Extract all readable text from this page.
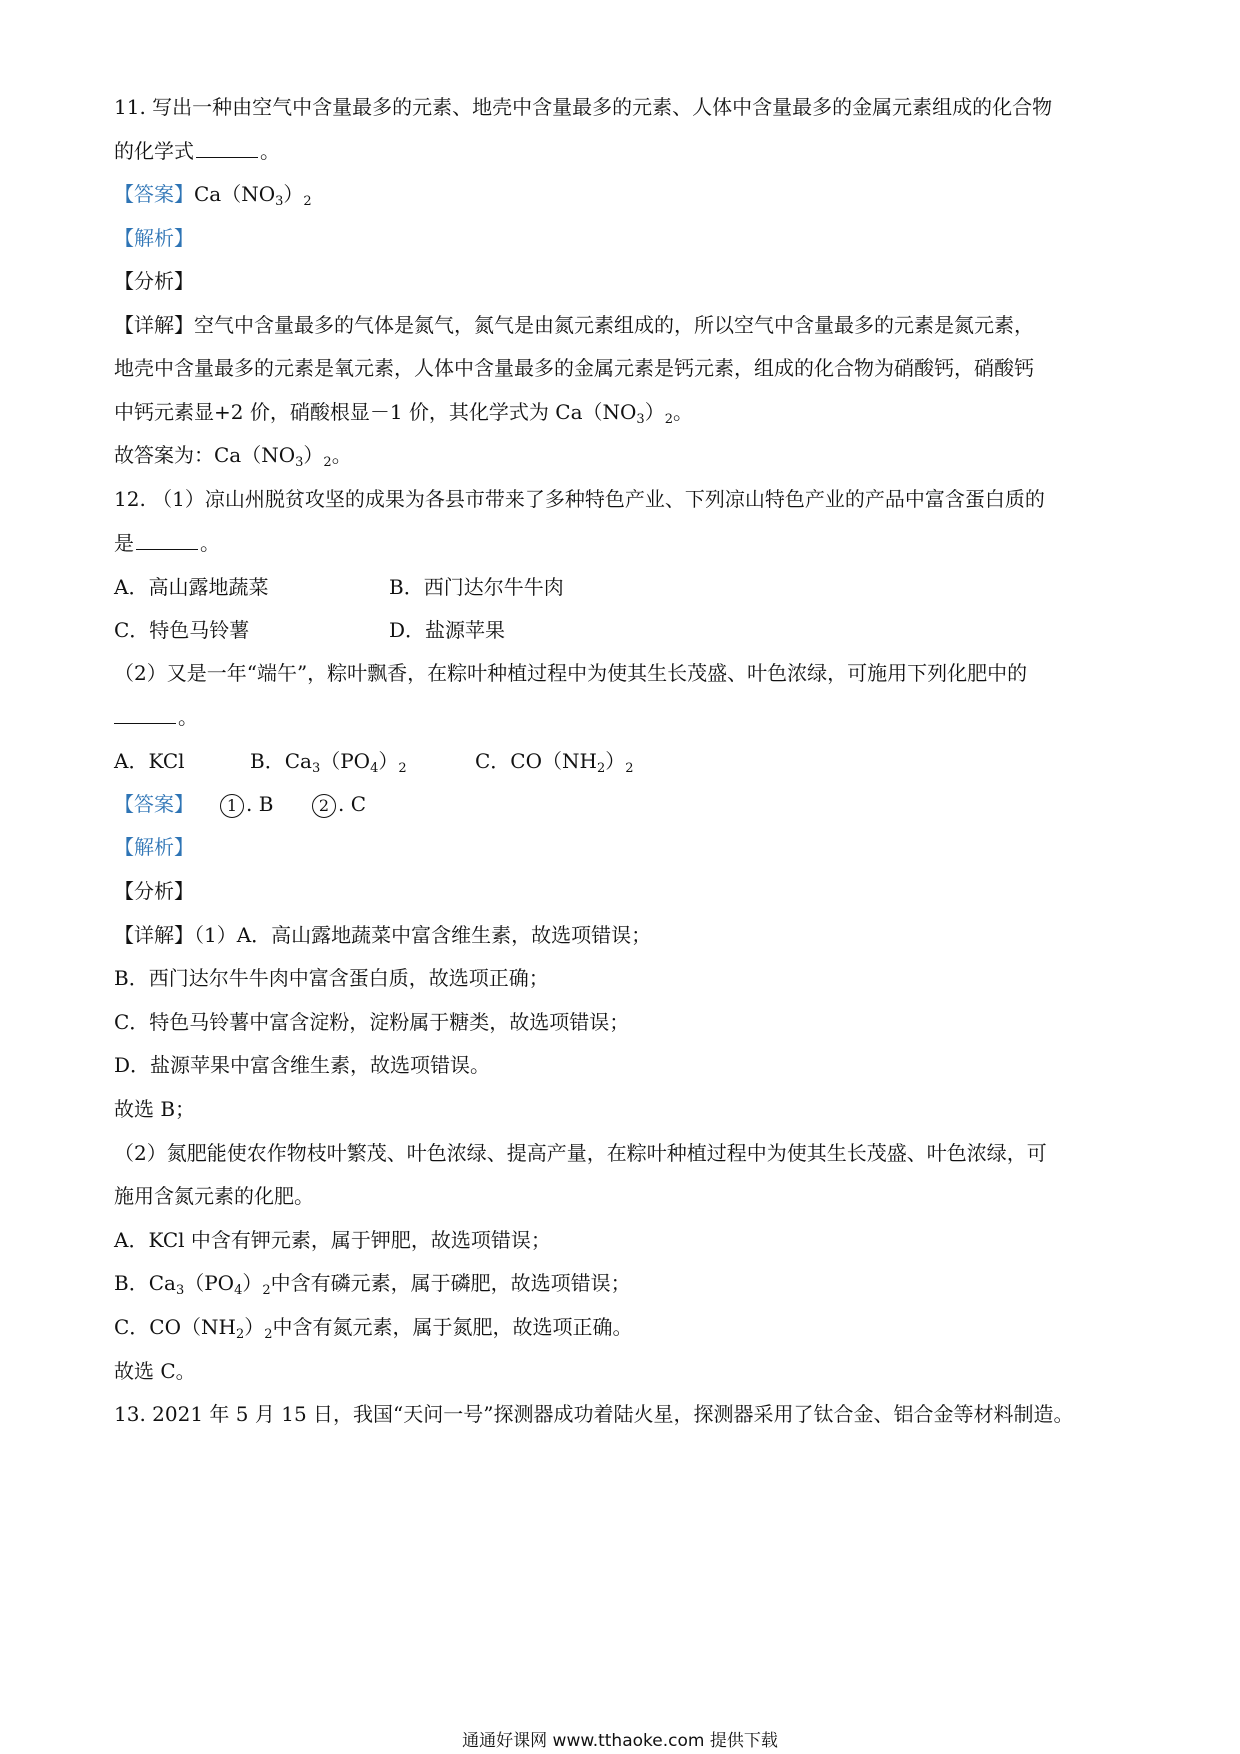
11. 写出一种由空气中含量最多的元素、地壳中含量最多的元素、人体中含量最多的金属元素组成的化合物
的化学式	。
【答案】$Ca(NO_3)_2$
【解析】
【分析】
【详解】空气中含量最多的气体是氮气，氮气是由氮元素组成的，所以空气中含量最多的元素是氮元素，
地壳中含量最多的元素是氧元素，人体中含量最多的金属元素是钙元素，组成的化合物为硝酸钙，硝酸钙
中钙元素显+2 价，硝酸根显－1 价，其化学式为 $Ca(NO_3)_2$。
故答案为：$Ca(NO_3)_2$。
12. （1）凉山州脱贫攻坚的成果为各县市带来了多种特色产业、下列凉山特色产业的产品中富含蛋白质的
是	。
A．高山露地蔬菜	B．西门达尔牛牛肉
C．特色马铃薯	D．盐源苹果
（2）又是一年“端午”，粽叶飘香，在粽叶种植过程中为使其生长茂盛、叶色浓绿，可施用下列化肥中的
。
A．KCl	B．$Ca_3(PO_4)_2$	C．$CO(NH_2)_2$
【答案】 1 . B	2 . C
【解析】
【分析】
【详解】（1）A．高山露地蔬菜中富含维生素，故选项错误；
B．西门达尔牛牛肉中富含蛋白质，故选项正确；
C．特色马铃薯中富含淀粉，淀粉属于糖类，故选项错误；
D．盐源苹果中富含维生素，故选项错误。
故选 B；
（2）氮肥能使农作物枝叶繁茂、叶色浓绿、提高产量，在粽叶种植过程中为使其生长茂盛、叶色浓绿，可
施用含氮元素的化肥。
A．KCl 中含有钾元素，属于钾肥，故选项错误；
B．$Ca_3(PO_4)_2$中含有磷元素，属于磷肥，故选项错误；
C．$CO(NH_2)_2$中含有氮元素，属于氮肥，故选项正确。
故选 C。
13. 2021 年 5 月 15 日，我国“天问一号”探测器成功着陆火星，探测器采用了钛合金、铝合金等材料制造。
通通好课网 www.tthaoke.com 提供下载
